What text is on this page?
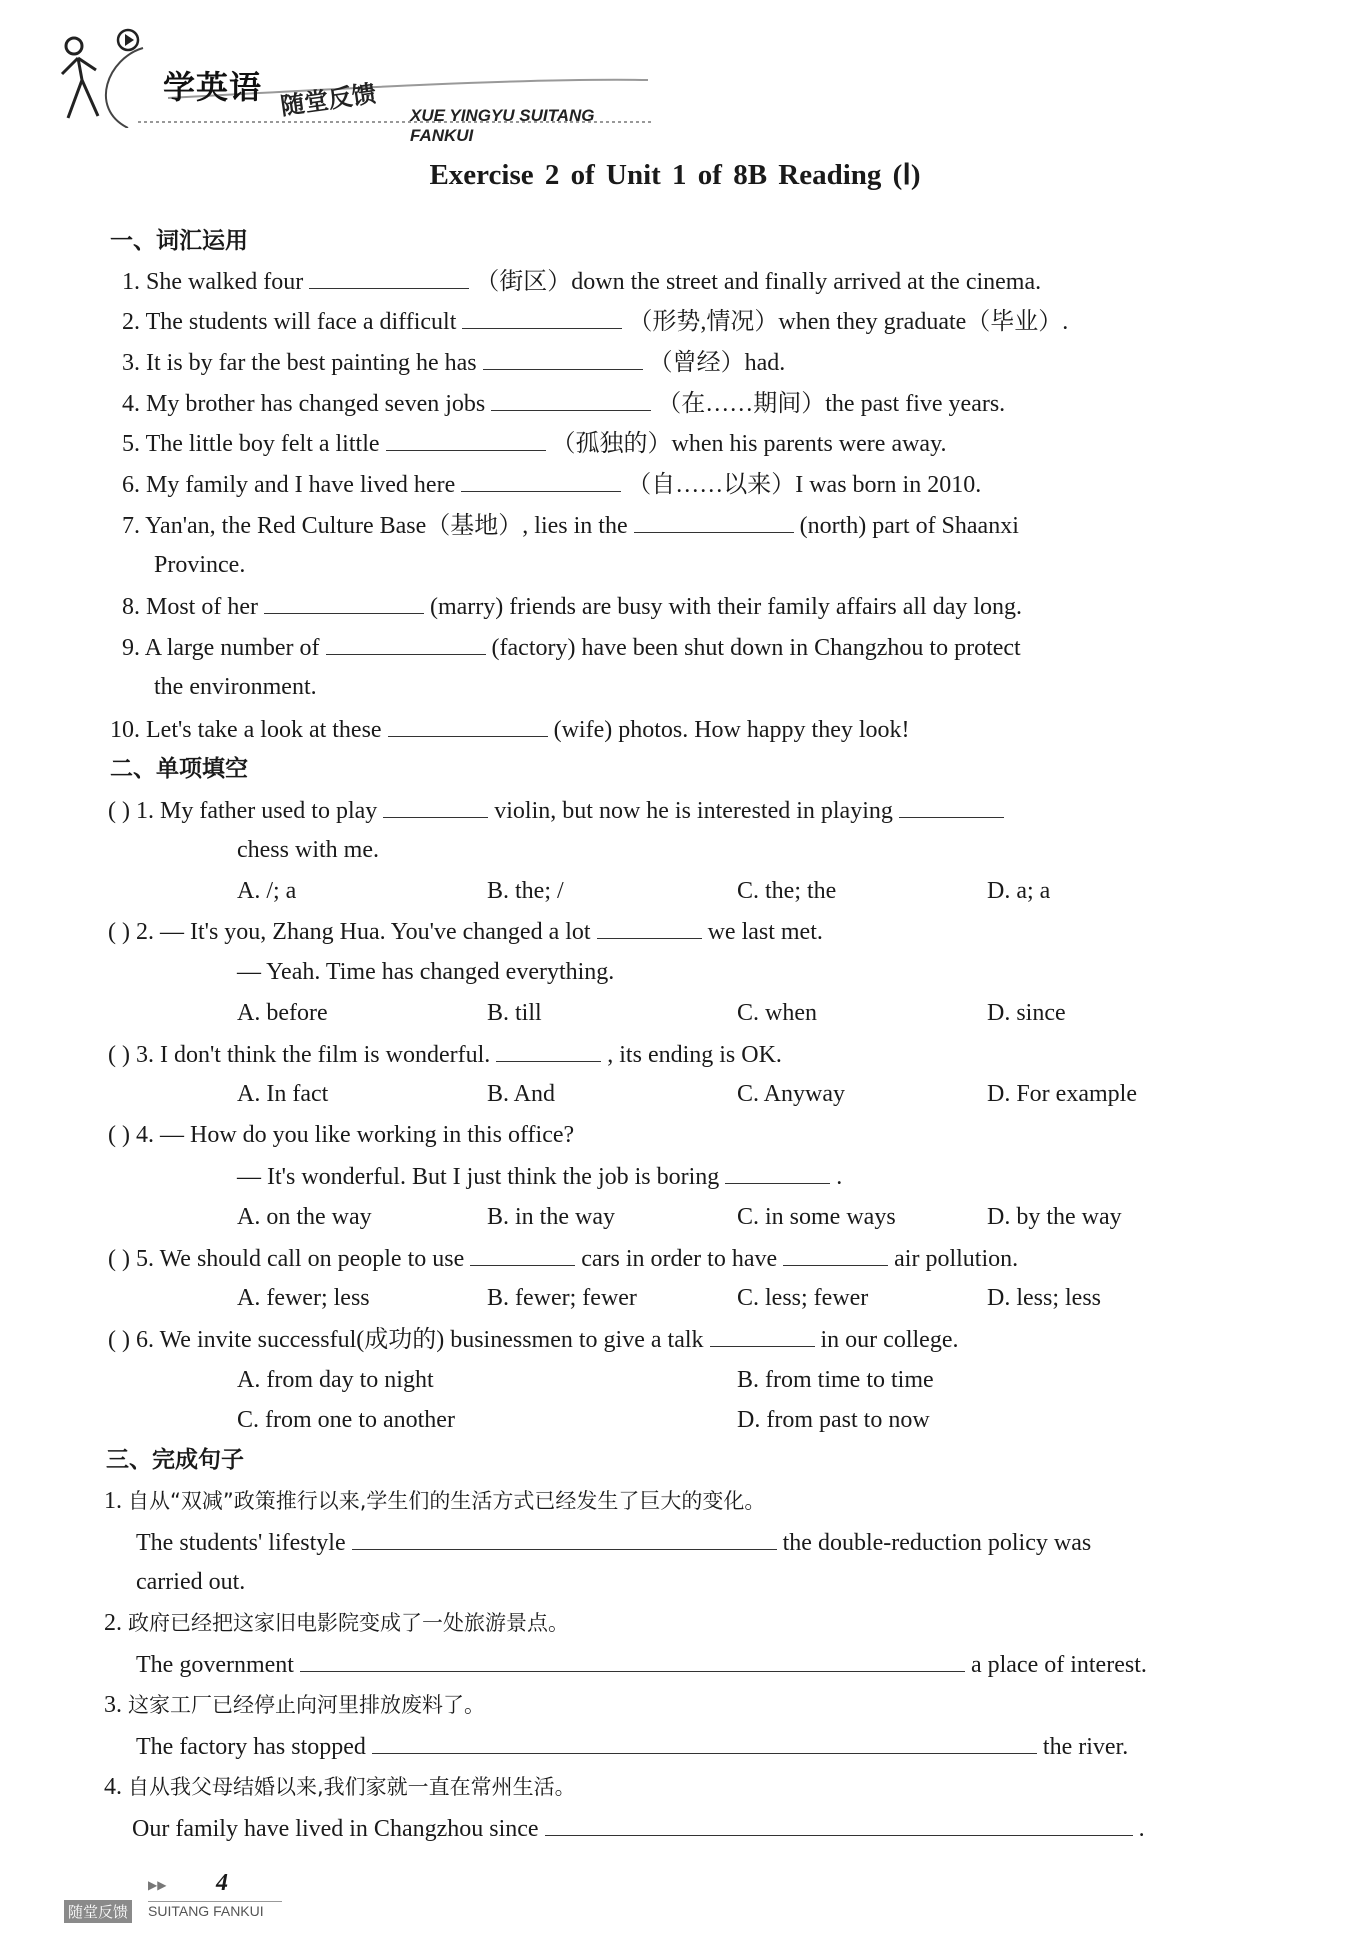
学英语 随堂反馈 XUE YINGYU SUITANG FANKUI
Exercise 2 of Unit 1 of 8B Reading (Ⅰ)
一、词汇运用
1. She walked four	（街区）down the street and finally arrived at the cinema.
2. The students will face a difficult	（形势,情况）when they graduate（毕业）.
3. It is by far the best painting he has	（曾经）had.
4. My brother has changed seven jobs	（在……期间）the past five years.
5. The little boy felt a little	（孤独的）when his parents were away.
6. My family and I have lived here	（自……以来）I was born in 2010.
7. Yan'an, the Red Culture Base（基地）, lies in the	(north) part of Shaanxi
Province.
8. Most of her	(marry) friends are busy with their family affairs all day long.
9. A large number of	(factory) have been shut down in Changzhou to protect
the environment.
10. Let's take a look at these	(wife) photos. How happy they look!
二、单项填空
( ) 1. My father used to play	violin, but now he is interested in playing
chess with me.
A. /; a	B. the; /	C. the; the	D. a; a
( ) 2. — It's you, Zhang Hua. You've changed a lot	we last met.
— Yeah. Time has changed everything.
A. before	B. till	C. when	D. since
( ) 3. I don't think the film is wonderful.	, its ending is OK.
A. In fact	B. And	C. Anyway	D. For example
( ) 4. — How do you like working in this office?
— It's wonderful. But I just think the job is boring	.
A. on the way	B. in the way	C. in some ways	D. by the way
( ) 5. We should call on people to use	cars in order to have	air pollution.
A. fewer; less	B. fewer; fewer	C. less; fewer	D. less; less
( ) 6. We invite successful(成功的) businessmen to give a talk	in our college.
A. from day to night	B. from time to time
C. from one to another	D. from past to now
三、完成句子
1. 自从“双减”政策推行以来,学生们的生活方式已经发生了巨大的变化。
The students' lifestyle	the double-reduction policy was
carried out.
2. 政府已经把这家旧电影院变成了一处旅游景点。
The government	a place of interest.
3. 这家工厂已经停止向河里排放废料了。
The factory has stopped	the river.
4. 自从我父母结婚以来,我们家就一直在常州生活。
Our family have lived in Changzhou since	.
▶▶ 4
随堂反馈 SUITANG FANKUI
